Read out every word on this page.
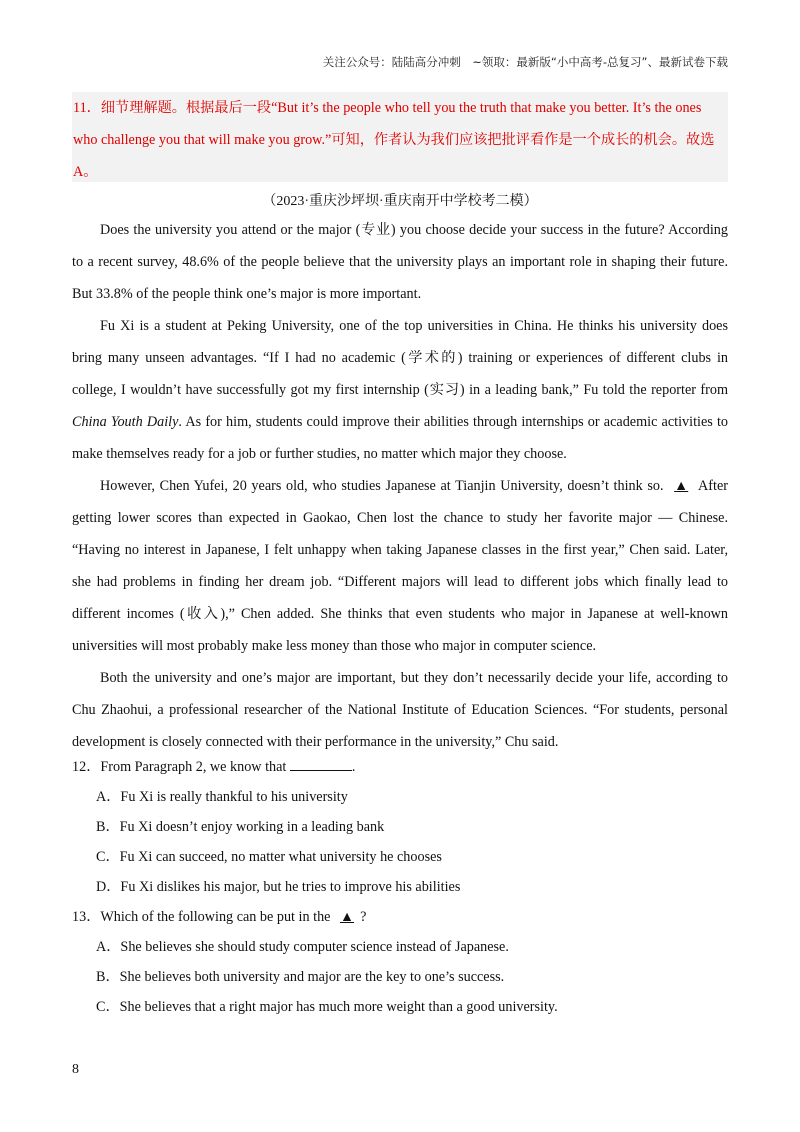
关注公众号：陆陆高分冲刺　~领取：最新版“小中高考-总复习”、最新试卷下载

11．细节理解题。根据最后一段“But it’s the people who tell you the truth that make you better. It’s the ones who challenge you that will make you grow.”可知，作者认为我们应该把批评看作是一个成长的机会。故选A。

（2023·重庆沙坪坝·重庆南开中学校考二模）

Does the university you attend or the major (专业) you choose decide your success in the future? According to a recent survey, 48.6% of the people believe that the university plays an important role in shaping their future. But 33.8% of the people think one’s major is more important.

Fu Xi is a student at Peking University, one of the top universities in China. He thinks his university does bring many unseen advantages. “If I had no academic (学术的) training or experiences of different clubs in college, I wouldn’t have successfully got my first internship (实习) in a leading bank,” Fu told the reporter from China Youth Daily. As for him, students could improve their abilities through internships or academic activities to make themselves ready for a job or further studies, no matter which major they choose.

However, Chen Yufei, 20 years old, who studies Japanese at Tianjin University, doesn’t think so. ▲ After getting lower scores than expected in Gaokao, Chen lost the chance to study her favorite major — Chinese. “Having no interest in Japanese, I felt unhappy when taking Japanese classes in the first year,” Chen said. Later, she had problems in finding her dream job. “Different majors will lead to different jobs which finally lead to different incomes (收入),” Chen added. She thinks that even students who major in Japanese at well-known universities will most probably make less money than those who major in computer science.

Both the university and one’s major are important, but they don’t necessarily decide your life, according to Chu Zhaohui, a professional researcher of the National Institute of Education Sciences. “For students, personal development is closely connected with their performance in the university,” Chu said.

12．From Paragraph 2, we know that	.

A．Fu Xi is really thankful to his university

B．Fu Xi doesn’t enjoy working in a leading bank

C．Fu Xi can succeed, no matter what university he chooses

D．Fu Xi dislikes his major, but he tries to improve his abilities

13．Which of the following can be put in the ▲ ?

A．She believes she should study computer science instead of Japanese.

B．She believes both university and major are the key to one’s success.

C．She believes that a right major has much more weight than a good university.

8
